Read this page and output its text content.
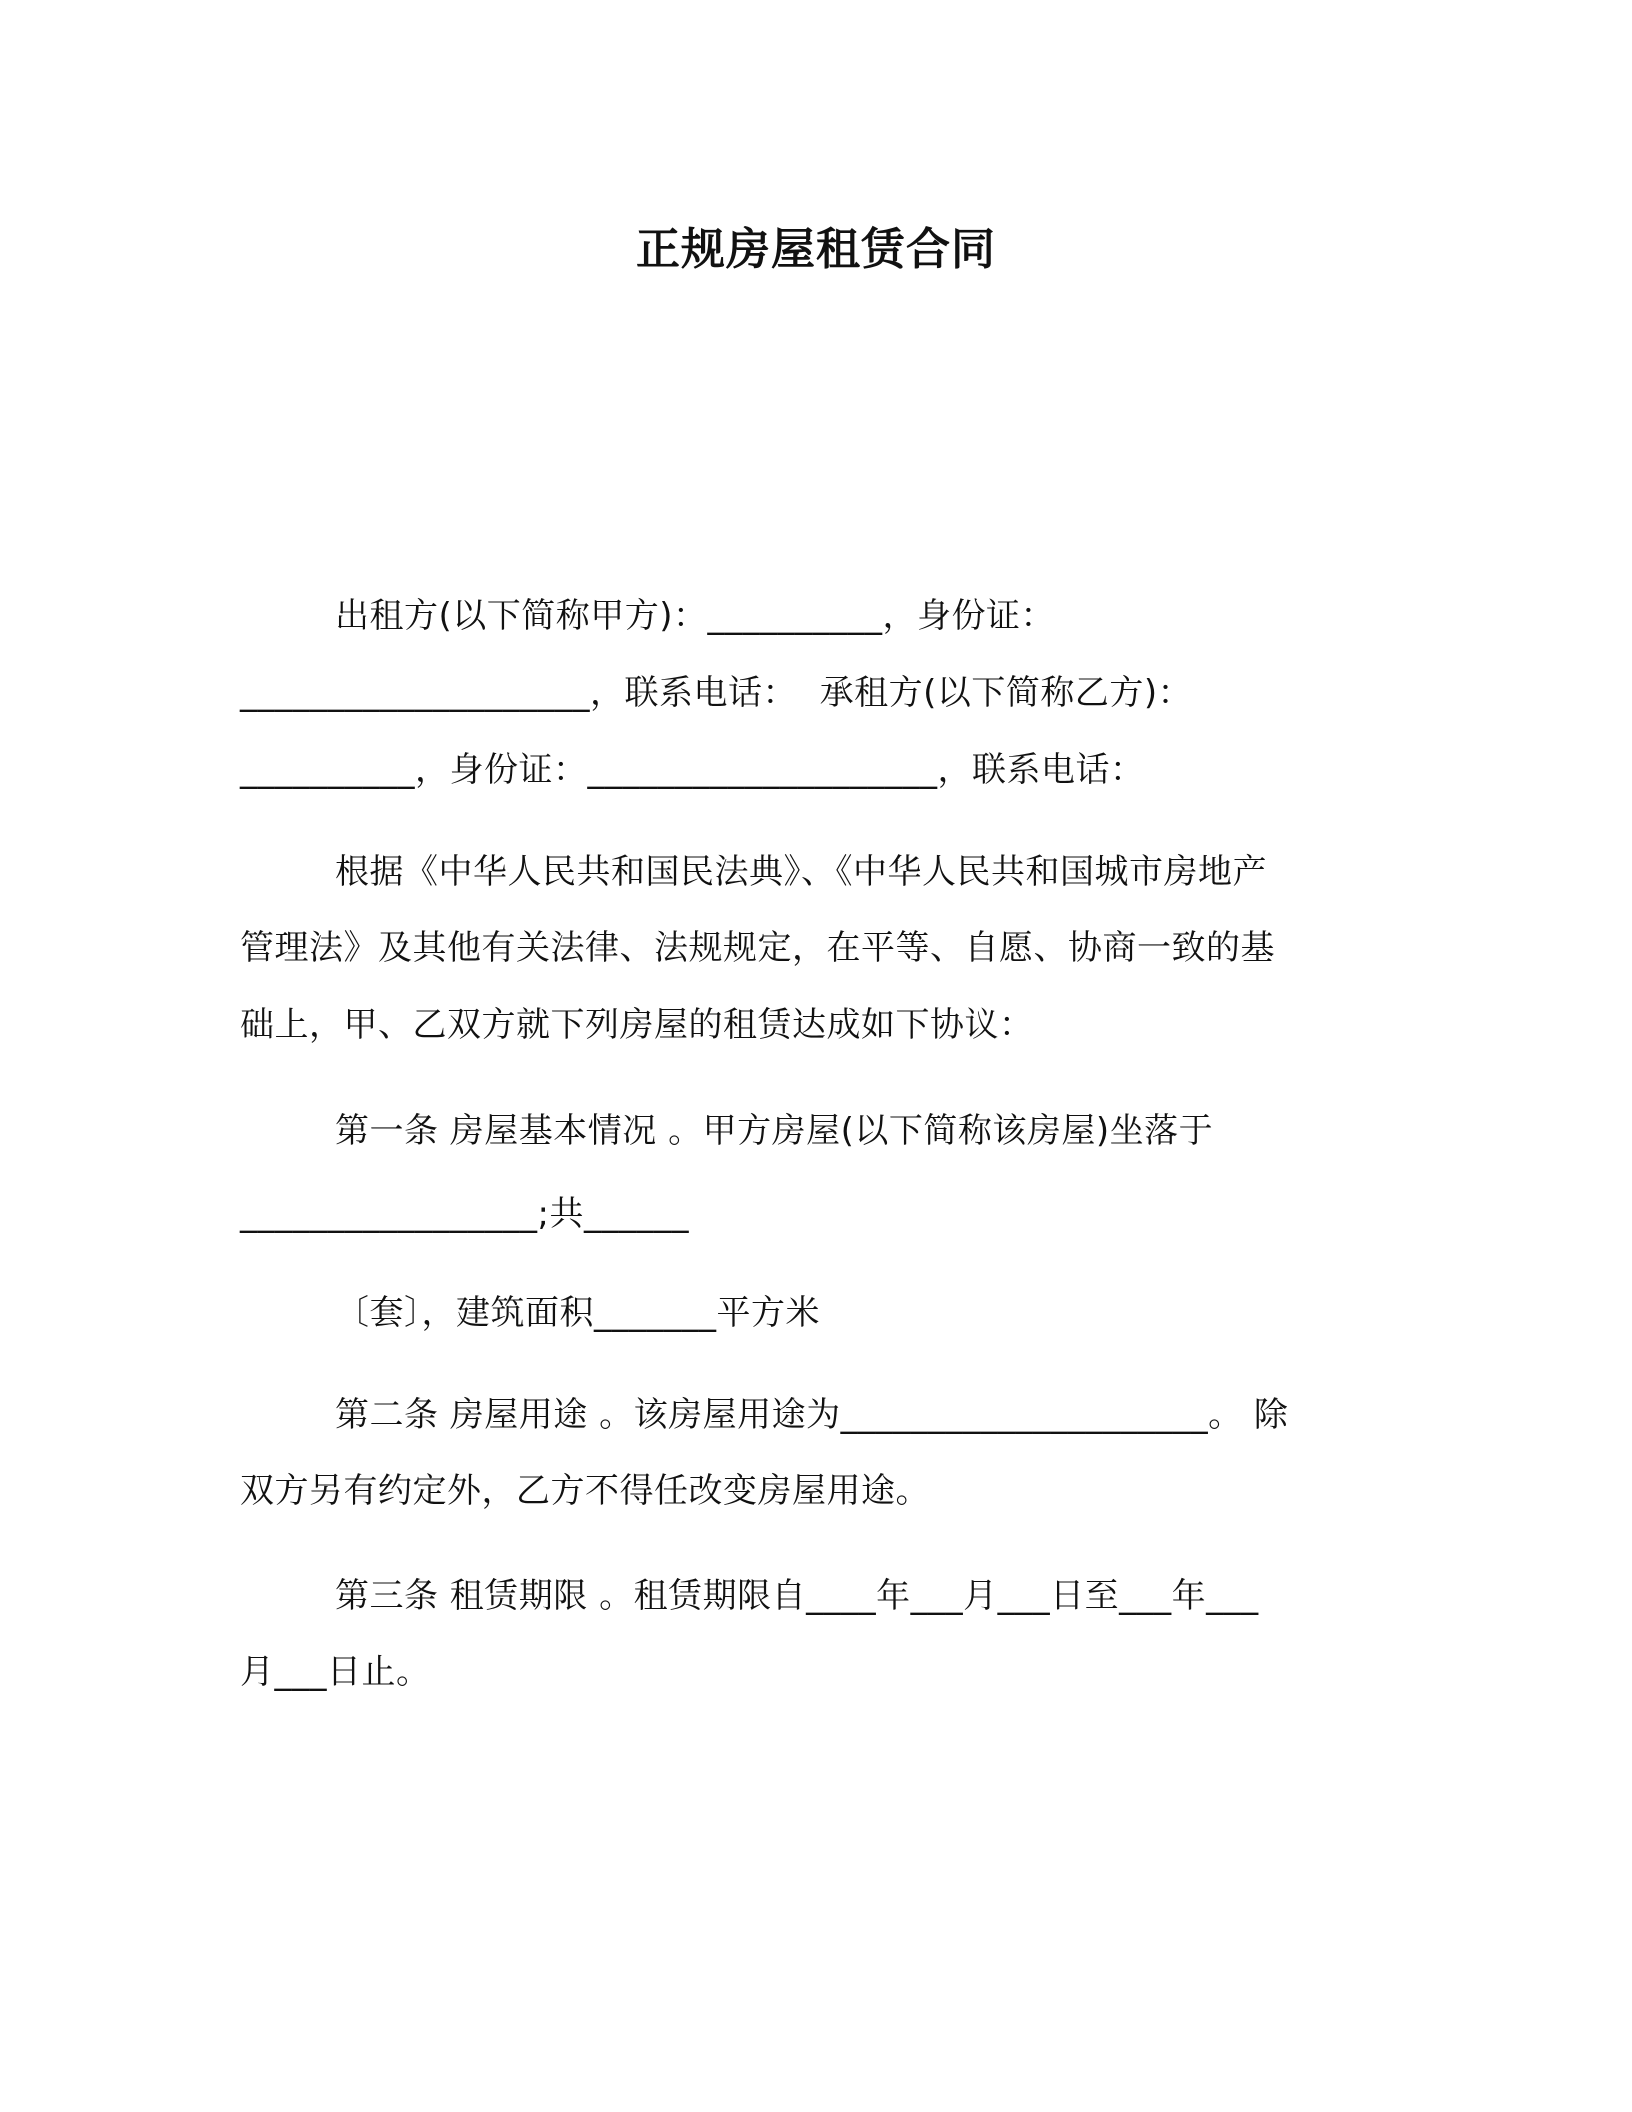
正规房屋租赁合同
出租方(以下简称甲方)：__________，身份证：
____________________，联系电话：  承租方(以下简称乙方)：
__________，身份证：____________________，联系电话：
根据《中华人民共和国民法典》、《中华人民共和国城市房地产
管理法》及其他有关法律、法规规定，在平等、自愿、协商一致的基
础上，甲、乙双方就下列房屋的租赁达成如下协议：
第一条 房屋基本情况 。甲方房屋(以下简称该房屋)坐落于
_________________;共______
〔套〕，建筑面积_______平方米
第二条 房屋用途 。该房屋用途为_____________________。 除
双方另有约定外，乙方不得任改变房屋用途。
第三条 租赁期限 。租赁期限自____年___月___日至___年___
月___日止。
